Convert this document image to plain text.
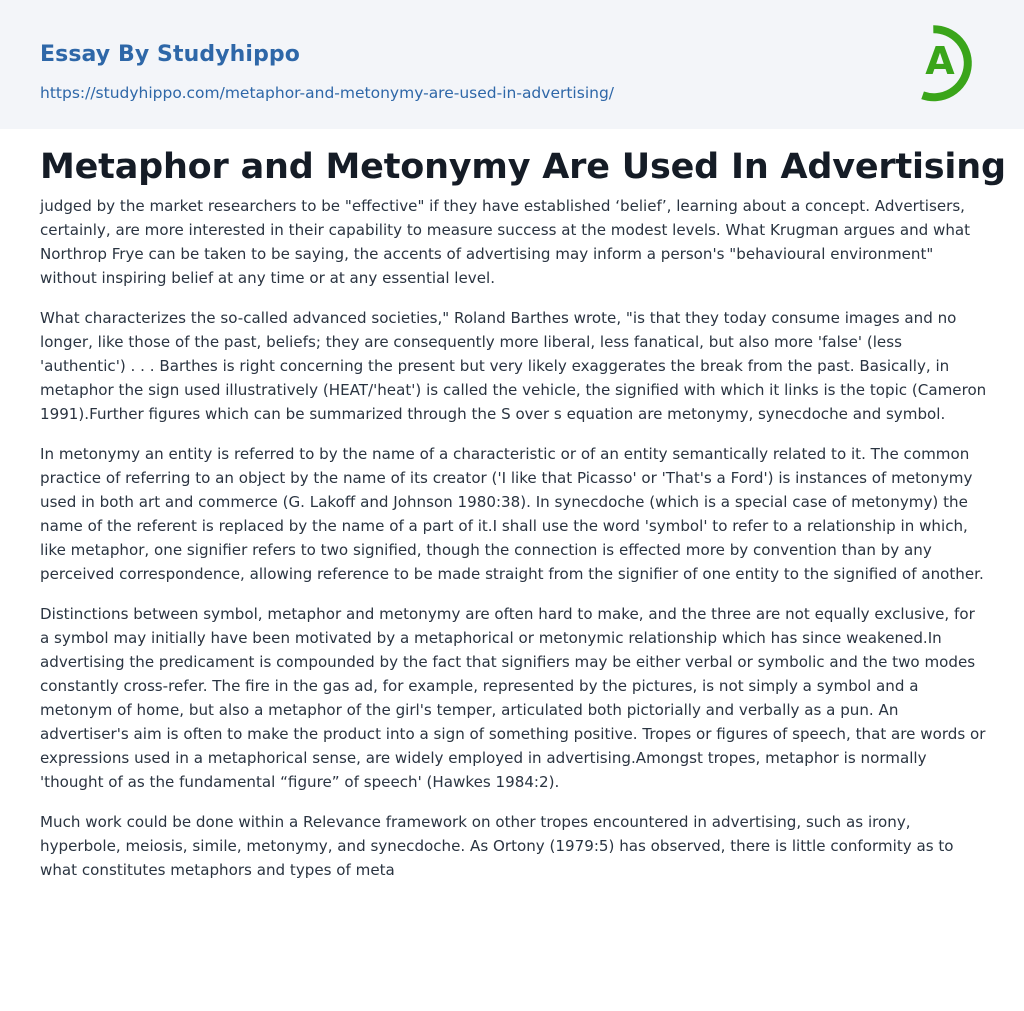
Essay By Studyhippo
https://studyhippo.com/metaphor-and-metonymy-are-used-in-advertising/
A
Metaphor and Metonymy Are Used In Advertising

judged by the market researchers to be "effective" if they have established ‘belief’, learning about a concept. Advertisers, certainly, are more interested in their capability to measure success at the modest levels. What Krugman argues and what Northrop Frye can be taken to be saying, the accents of advertising may inform a person's "behavioural environment" without inspiring belief at any time or at any essential level.

What characterizes the so-called advanced societies," Roland Barthes wrote, "is that they today consume images and no longer, like those of the past, beliefs; they are consequently more liberal, less fanatical, but also more 'false' (less 'authentic') . . . Barthes is right concerning the present but very likely exaggerates the break from the past. Basically, in metaphor the sign used illustratively (HEAT/'heat') is called the vehicle, the signified with which it links is the topic (Cameron 1991).Further figures which can be summarized through the S over s equation are metonymy, synecdoche and symbol.

In metonymy an entity is referred to by the name of a characteristic or of an entity semantically related to it. The common practice of referring to an object by the name of its creator ('I like that Picasso' or 'That's a Ford') is instances of metonymy used in both art and commerce (G. Lakoff and Johnson 1980:38). In synecdoche (which is a special case of metonymy) the name of the referent is replaced by the name of a part of it.I shall use the word 'symbol' to refer to a relationship in which, like metaphor, one signifier refers to two signified, though the connection is effected more by convention than by any perceived correspondence, allowing reference to be made straight from the signifier of one entity to the signified of another.

Distinctions between symbol, metaphor and metonymy are often hard to make, and the three are not equally exclusive, for a symbol may initially have been motivated by a metaphorical or metonymic relationship which has since weakened.In advertising the predicament is compounded by the fact that signifiers may be either verbal or symbolic and the two modes constantly cross-refer. The fire in the gas ad, for example, represented by the pictures, is not simply a symbol and a metonym of home, but also a metaphor of the girl's temper, articulated both pictorially and verbally as a pun. An advertiser's aim is often to make the product into a sign of something positive. Tropes or figures of speech, that are words or expressions used in a metaphorical sense, are widely employed in advertising.Amongst tropes, metaphor is normally 'thought of as the fundamental “figure” of speech' (Hawkes 1984:2).

Much work could be done within a Relevance framework on other tropes encountered in advertising, such as irony, hyperbole, meiosis, simile, metonymy, and synecdoche. As Ortony (1979:5) has observed, there is little conformity as to what constitutes metaphors and types of meta
